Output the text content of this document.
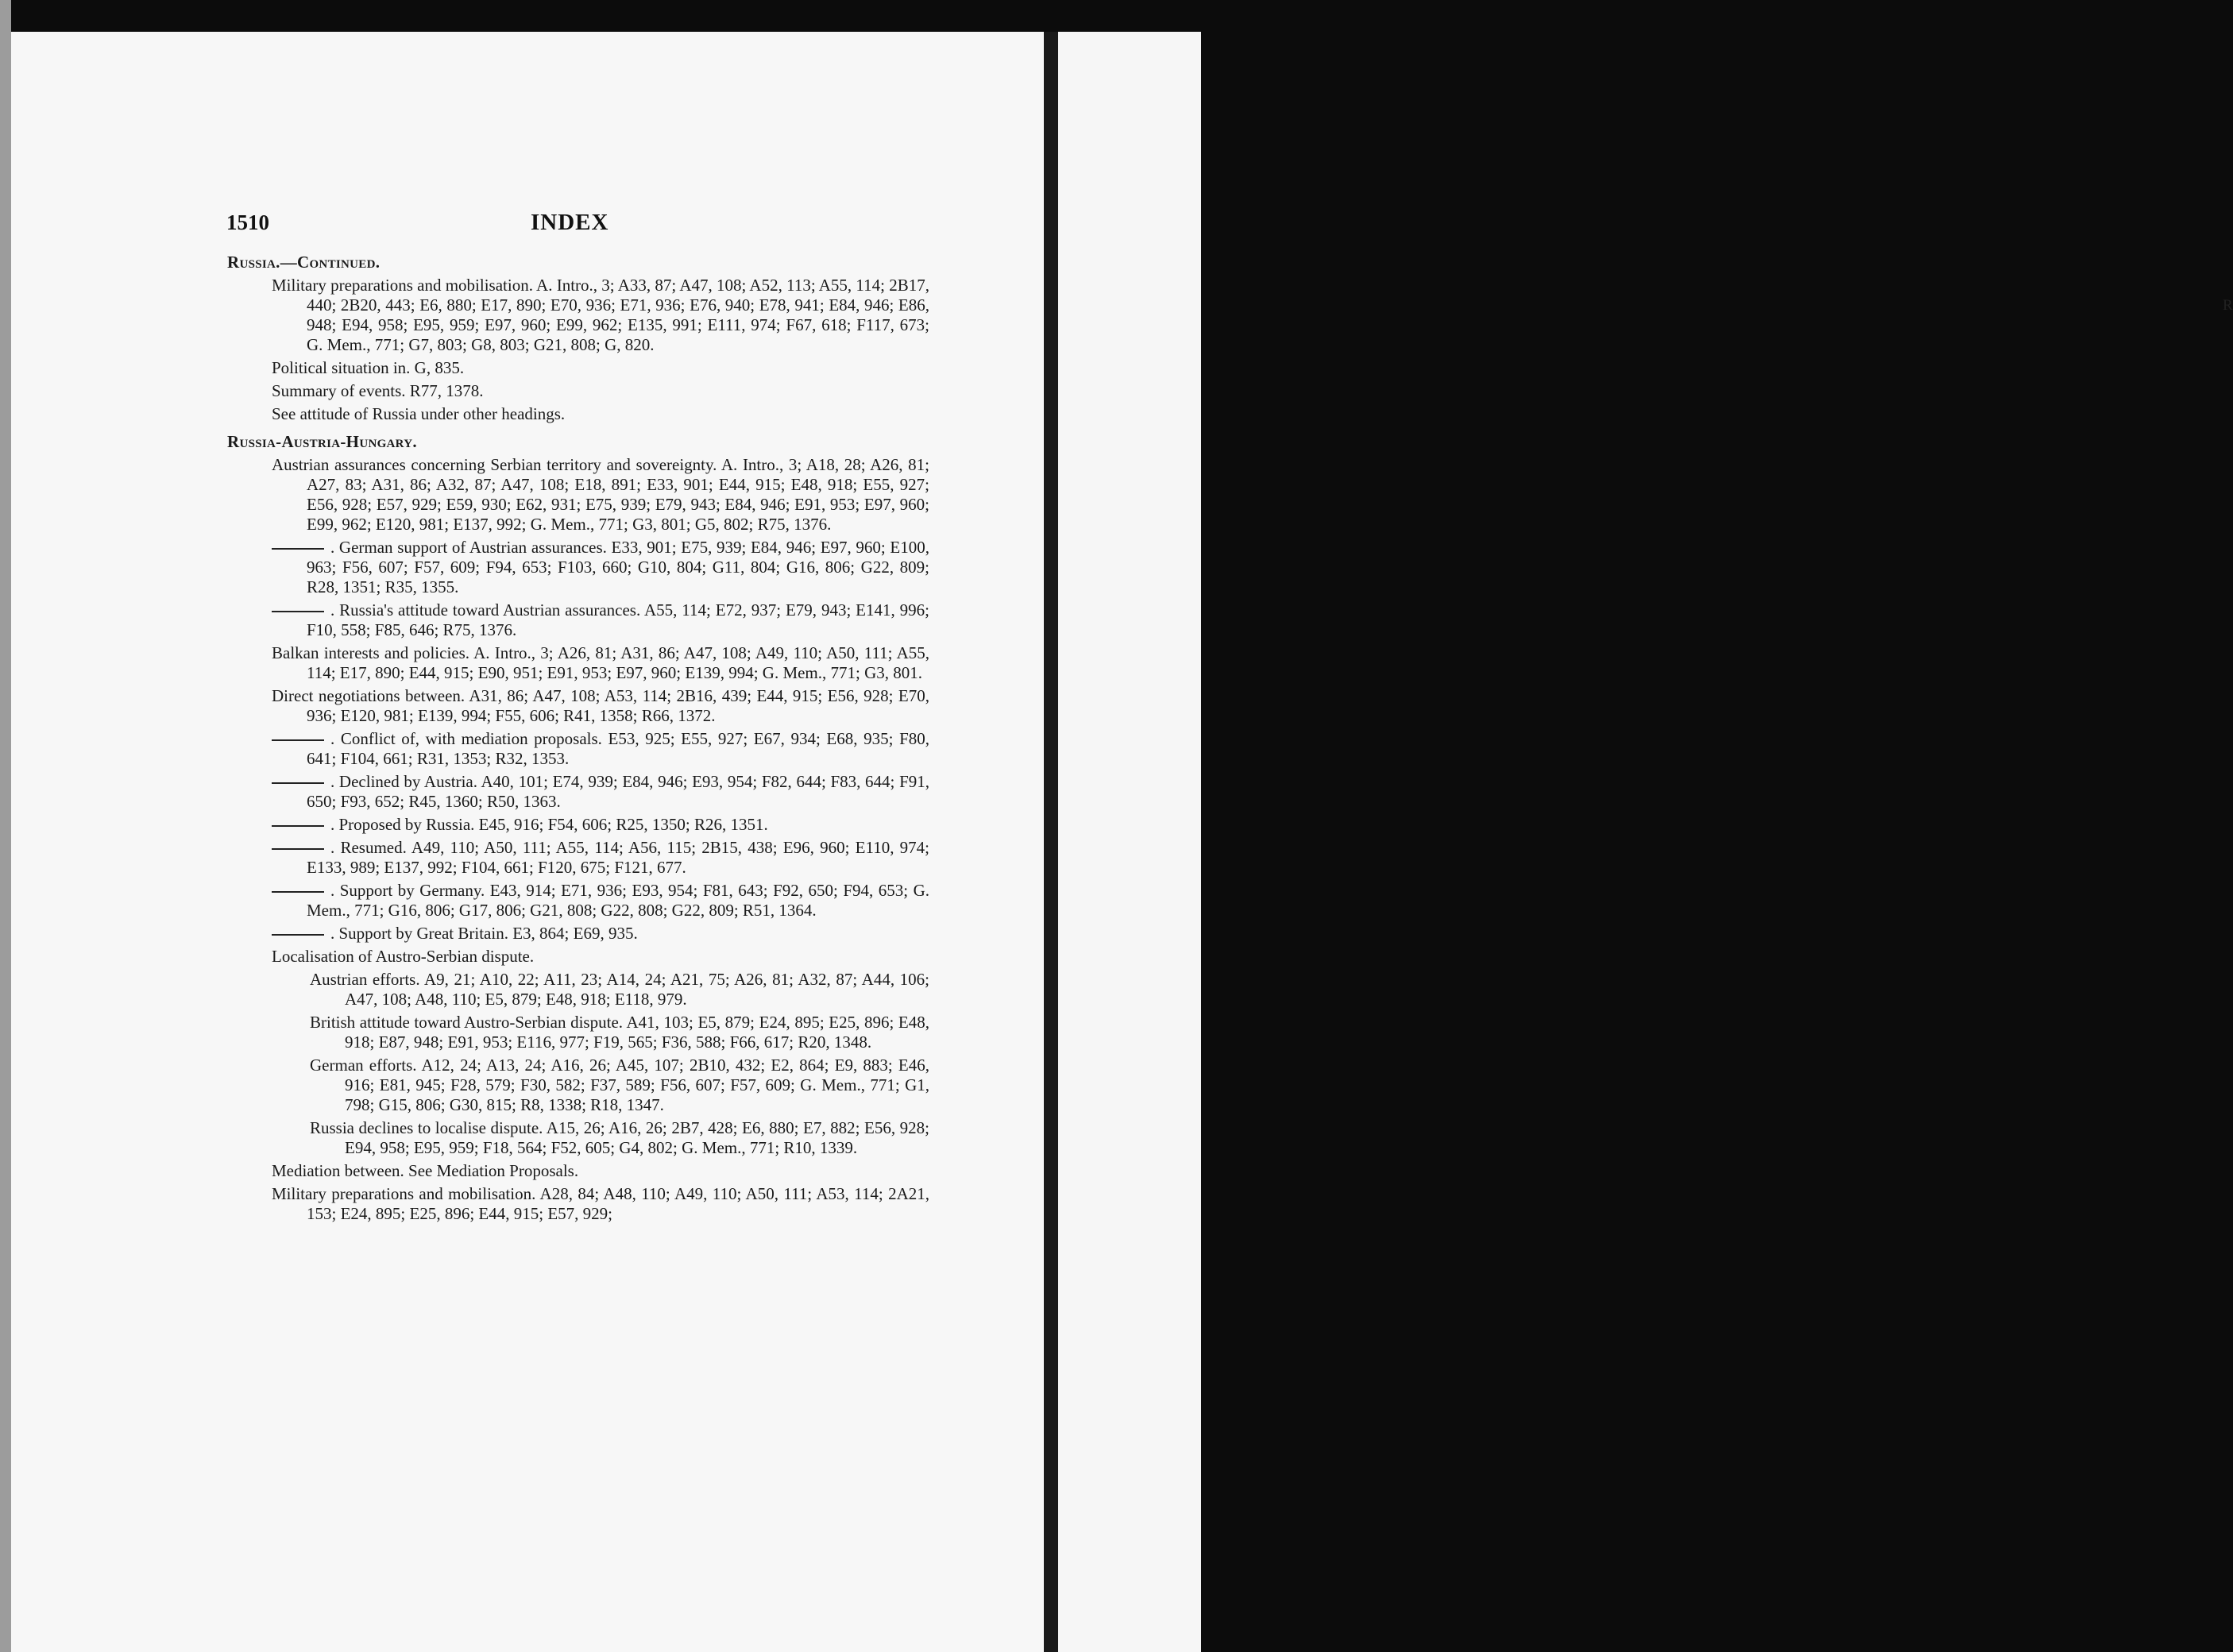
R
1510	INDEX
Russia.—Continued.
Military preparations and mobilisation. A. Intro., 3; A33, 87; A47, 108; A52, 113; A55, 114; 2B17, 440; 2B20, 443; E6, 880; E17, 890; E70, 936; E71, 936; E76, 940; E78, 941; E84, 946; E86, 948; E94, 958; E95, 959; E97, 960; E99, 962; E135, 991; E111, 974; F67, 618; F117, 673; G. Mem., 771; G7, 803; G8, 803; G21, 808; G, 820.
Political situation in. G, 835.
Summary of events. R77, 1378.
See attitude of Russia under other headings.
Russia-Austria-Hungary.
Austrian assurances concerning Serbian territory and sovereignty. A. Intro., 3; A18, 28; A26, 81; A27, 83; A31, 86; A32, 87; A47, 108; E18, 891; E33, 901; E44, 915; E48, 918; E55, 927; E56, 928; E57, 929; E59, 930; E62, 931; E75, 939; E79, 943; E84, 946; E91, 953; E97, 960; E99, 962; E120, 981; E137, 992; G. Mem., 771; G3, 801; G5, 802; R75, 1376.
. German support of Austrian assurances. E33, 901; E75, 939; E84, 946; E97, 960; E100, 963; F56, 607; F57, 609; F94, 653; F103, 660; G10, 804; G11, 804; G16, 806; G22, 809; R28, 1351; R35, 1355.
. Russia's attitude toward Austrian assurances. A55, 114; E72, 937; E79, 943; E141, 996; F10, 558; F85, 646; R75, 1376.
Balkan interests and policies. A. Intro., 3; A26, 81; A31, 86; A47, 108; A49, 110; A50, 111; A55, 114; E17, 890; E44, 915; E90, 951; E91, 953; E97, 960; E139, 994; G. Mem., 771; G3, 801.
Direct negotiations between. A31, 86; A47, 108; A53, 114; 2B16, 439; E44, 915; E56, 928; E70, 936; E120, 981; E139, 994; F55, 606; R41, 1358; R66, 1372.
. Conflict of, with mediation proposals. E53, 925; E55, 927; E67, 934; E68, 935; F80, 641; F104, 661; R31, 1353; R32, 1353.
. Declined by Austria. A40, 101; E74, 939; E84, 946; E93, 954; F82, 644; F83, 644; F91, 650; F93, 652; R45, 1360; R50, 1363.
. Proposed by Russia. E45, 916; F54, 606; R25, 1350; R26, 1351.
. Resumed. A49, 110; A50, 111; A55, 114; A56, 115; 2B15, 438; E96, 960; E110, 974; E133, 989; E137, 992; F104, 661; F120, 675; F121, 677.
. Support by Germany. E43, 914; E71, 936; E93, 954; F81, 643; F92, 650; F94, 653; G. Mem., 771; G16, 806; G17, 806; G21, 808; G22, 808; G22, 809; R51, 1364.
. Support by Great Britain. E3, 864; E69, 935.
Localisation of Austro-Serbian dispute.
Austrian efforts. A9, 21; A10, 22; A11, 23; A14, 24; A21, 75; A26, 81; A32, 87; A44, 106; A47, 108; A48, 110; E5, 879; E48, 918; E118, 979.
British attitude toward Austro-Serbian dispute. A41, 103; E5, 879; E24, 895; E25, 896; E48, 918; E87, 948; E91, 953; E116, 977; F19, 565; F36, 588; F66, 617; R20, 1348.
German efforts. A12, 24; A13, 24; A16, 26; A45, 107; 2B10, 432; E2, 864; E9, 883; E46, 916; E81, 945; F28, 579; F30, 582; F37, 589; F56, 607; F57, 609; G. Mem., 771; G1, 798; G15, 806; G30, 815; R8, 1338; R18, 1347.
Russia declines to localise dispute. A15, 26; A16, 26; 2B7, 428; E6, 880; E7, 882; E56, 928; E94, 958; E95, 959; F18, 564; F52, 605; G4, 802; G. Mem., 771; R10, 1339.
Mediation between. See Mediation Proposals.
Military preparations and mobilisation. A28, 84; A48, 110; A49, 110; A50, 111; A53, 114; 2A21, 153; E24, 895; E25, 896; E44, 915; E57, 929;
